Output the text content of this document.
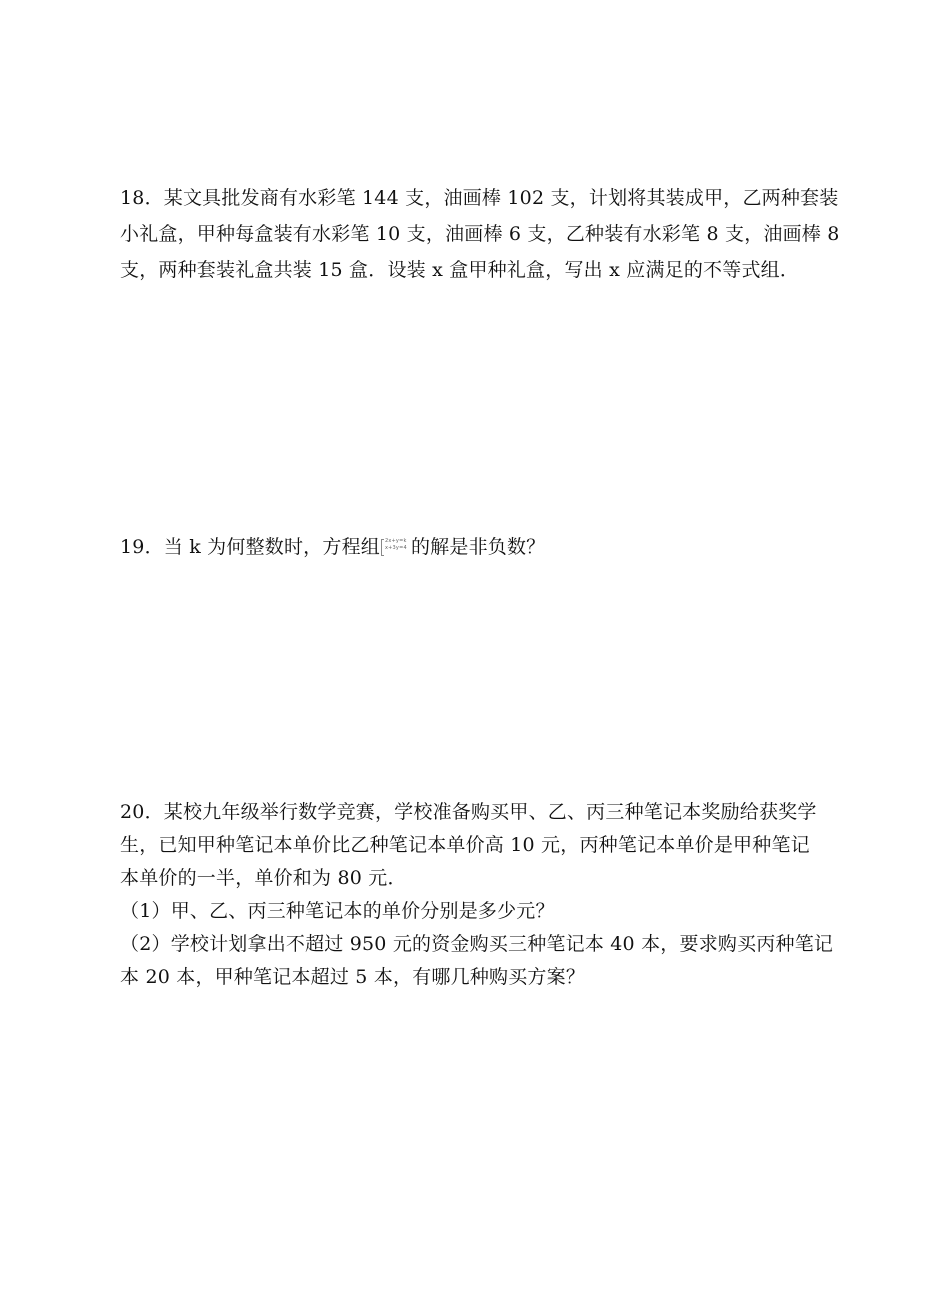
18．某文具批发商有水彩笔 144 支，油画棒 102 支，计划将其装成甲，乙两种套装
小礼盒，甲种每盒装有水彩笔 10 支，油画棒 6 支，乙种装有水彩笔 8 支，油画棒 8
支，两种套装礼盒共装 15 盒．设装 x 盒甲种礼盒，写出 x 应满足的不等式组．
19．当 k 为何整数时，方程组 2x+y=k
x+3y=4 的解是非负数？
20．某校九年级举行数学竞赛，学校准备购买甲、乙、丙三种笔记本奖励给获奖学
生，已知甲种笔记本单价比乙种笔记本单价高 10 元，丙种笔记本单价是甲种笔记
本单价的一半，单价和为 80 元．
（1）甲、乙、丙三种笔记本的单价分别是多少元？
（2）学校计划拿出不超过 950 元的资金购买三种笔记本 40 本，要求购买丙种笔记
本 20 本，甲种笔记本超过 5 本，有哪几种购买方案？
